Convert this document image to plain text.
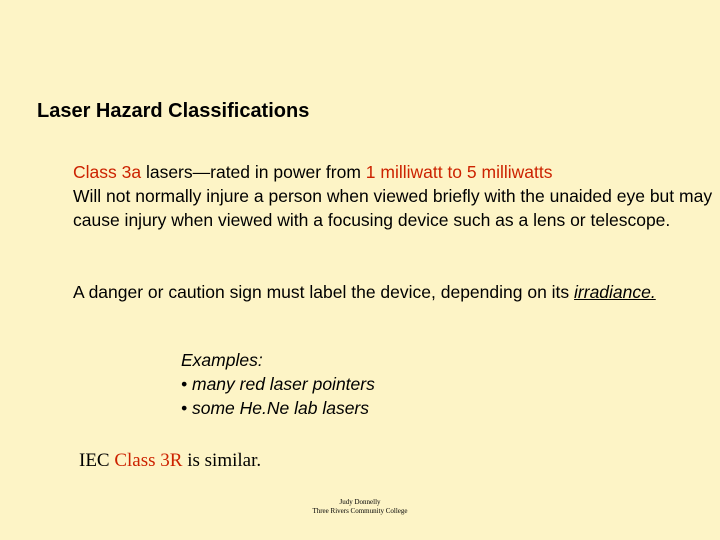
Laser Hazard Classifications
Class 3a lasers—rated in power from 1 milliwatt to 5 milliwatts
Will not normally injure a person when viewed briefly with the unaided eye but may cause injury when viewed with a focusing device such as a lens or telescope.
A danger or caution sign must label the device, depending on its irradiance.
Examples:
• many red laser pointers
• some He.Ne lab lasers
IEC Class 3R is similar.
Judy Donnelly
Three Rivers Community College
